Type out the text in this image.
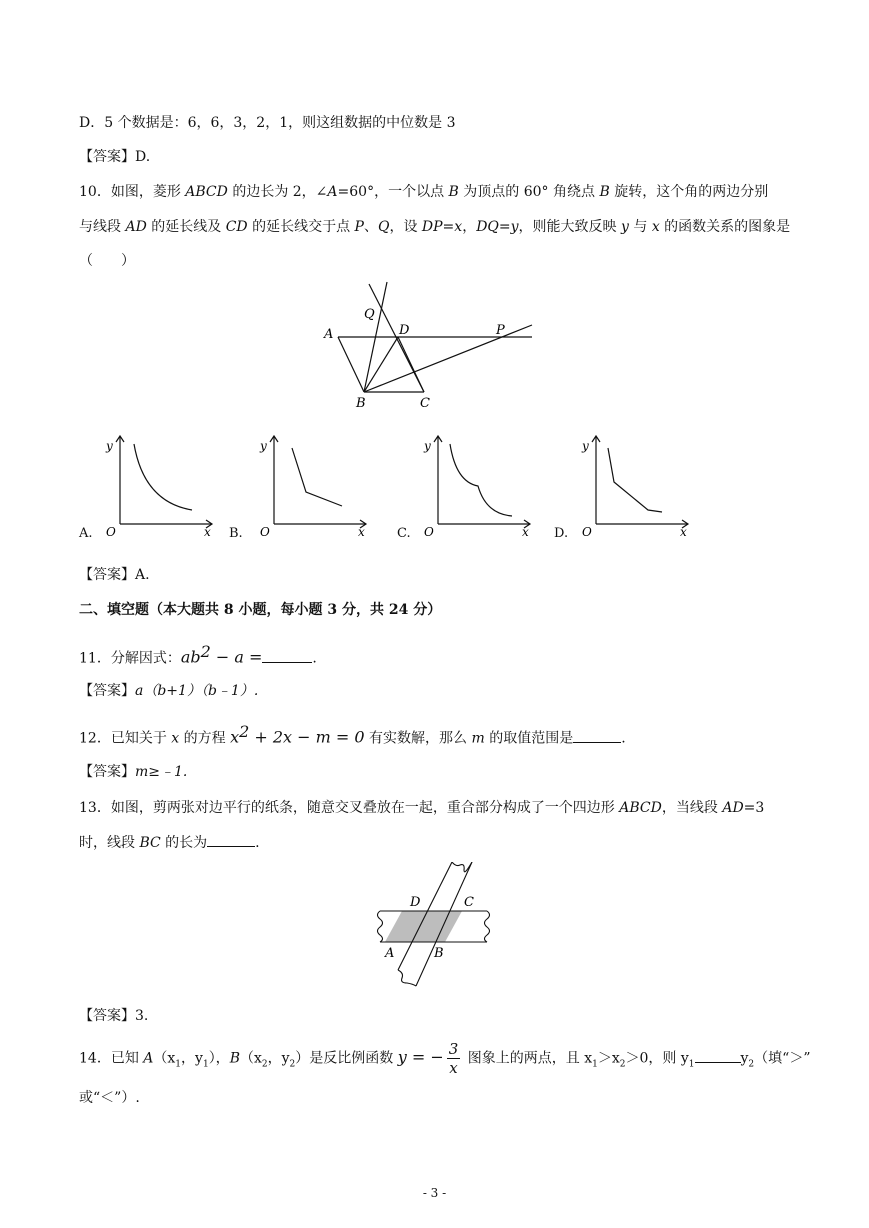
D．5 个数据是：6，6，3，2，1，则这组数据的中位数是 3
【答案】D.
10．如图，菱形 ABCD 的边长为 2，∠A=60°，一个以点 B 为顶点的 60° 角绕点 B 旋转，这个角的两边分别
与线段 AD 的延长线及 CD 的延长线交于点 P、Q，设 DP=x，DQ=y，则能大致反映 y 与 x 的函数关系的图象是
（　　）
A	D
Q
P
B	C
y
O	x
y
O	x
y
O	x
y
O	x
A.	B.	C.	D.
【答案】A.
二、填空题（本大题共 8 小题，每小题 3 分，共 24 分）
11．分解因式：$ab^2 - a$ =	.
【答案】a（b+1）（b﹣1）.
12．已知关于 x 的方程 $x^2 + 2x - m = 0$ 有实数解，那么 m 的取值范围是	.
【答案】m≥﹣1.
13．如图，剪两张对边平行的纸条，随意交叉叠放在一起，重合部分构成了一个四边形 ABCD，当线段 AD=3
时，线段 BC 的长为	.
D	C
A	B
【答案】3.
14．已知 $A(x_1$，$y_1$），$B(x_2$，$y_2$）是反比例函数 y = − $\frac{3}{x}$ 图象上的两点，且 $x_1>x_2>0$，则 $y_1$	$y_2$（填“＞”
或“＜”）.
- 3 -
